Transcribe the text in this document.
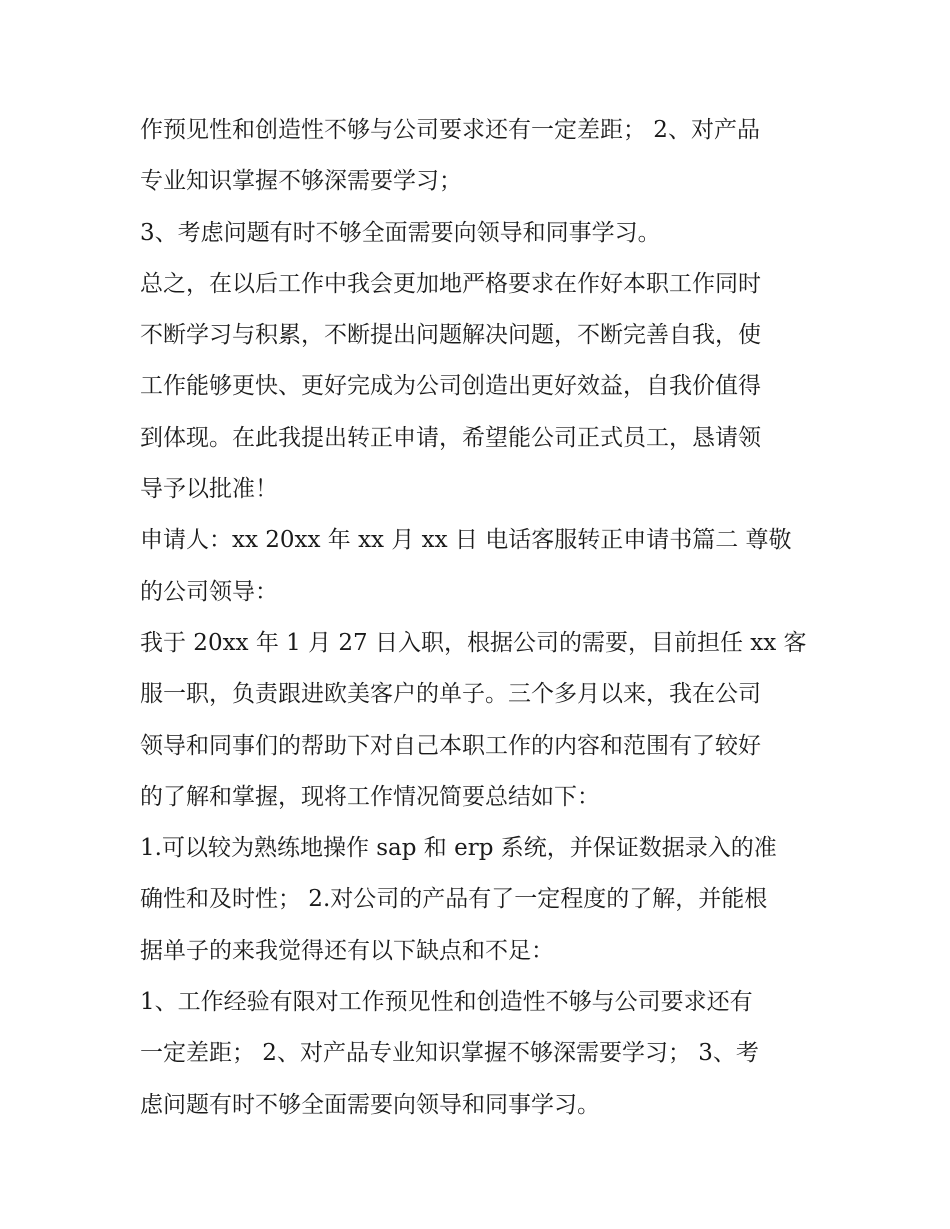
作预见性和创造性不够与公司要求还有一定差距； 2、对产品

专业知识掌握不够深需要学习；

3、考虑问题有时不够全面需要向领导和同事学习。

总之，在以后工作中我会更加地严格要求在作好本职工作同时

不断学习与积累，不断提出问题解决问题，不断完善自我，使

工作能够更快、更好完成为公司创造出更好效益，自我价值得

到体现。在此我提出转正申请，希望能公司正式员工，恳请领

导予以批准！

申请人：xx 20xx 年 xx 月 xx 日 电话客服转正申请书篇二 尊敬

的公司领导：

我于 20xx 年 1 月 27 日入职，根据公司的需要，目前担任 xx 客

服一职，负责跟进欧美客户的单子。三个多月以来，我在公司

领导和同事们的帮助下对自己本职工作的内容和范围有了较好

的了解和掌握，现将工作情况简要总结如下：

1.可以较为熟练地操作 sap 和 erp 系统，并保证数据录入的准

确性和及时性； 2.对公司的产品有了一定程度的了解，并能根

据单子的来我觉得还有以下缺点和不足：

1、工作经验有限对工作预见性和创造性不够与公司要求还有

一定差距； 2、对产品专业知识掌握不够深需要学习； 3、考

虑问题有时不够全面需要向领导和同事学习。
